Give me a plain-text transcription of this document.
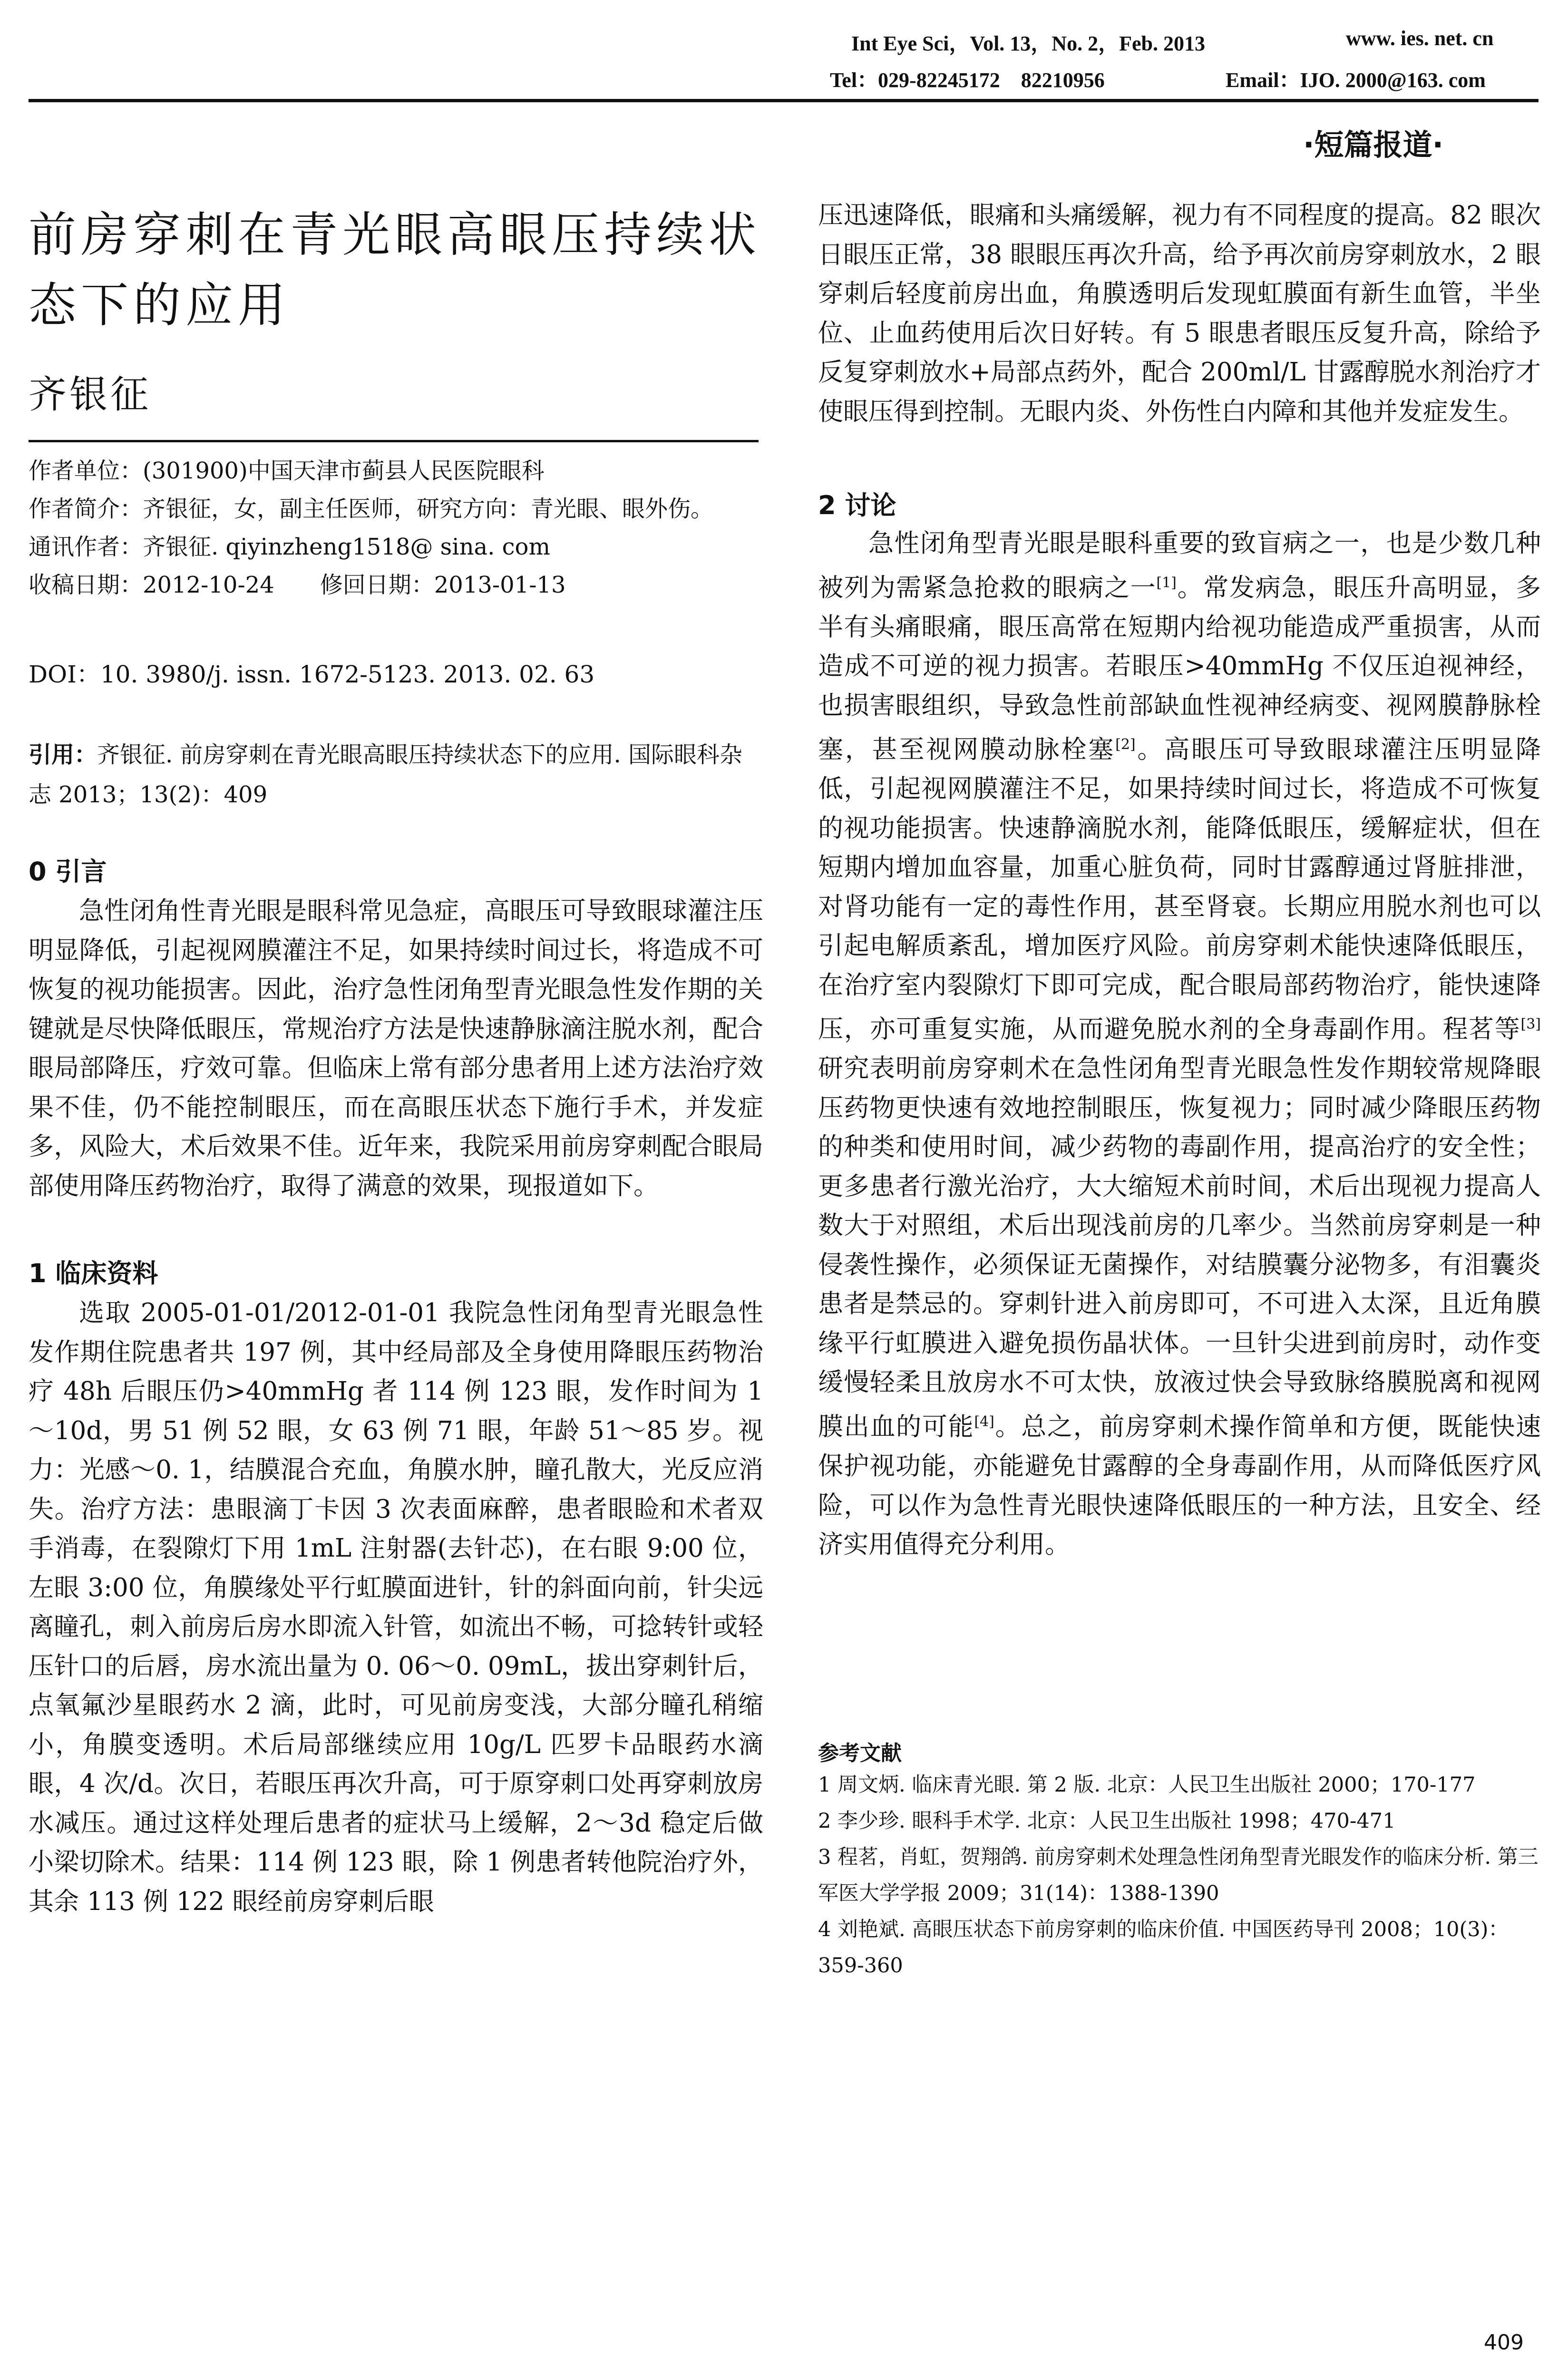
Int Eye Sci，Vol. 13，No. 2，Feb. 2013	www. ies. net. cn
Tel：029-82245172　82210956	Email：IJO. 2000@163. com
·短篇报道·
前房穿刺在青光眼高眼压持续状态下的应用
齐银征
作者单位：(301900)中国天津市蓟县人民医院眼科
作者简介：齐银征，女，副主任医师，研究方向：青光眼、眼外伤。
通讯作者：齐银征. qiyinzheng1518@ sina. com
收稿日期：2012-10-24　　修回日期：2013-01-13
DOI：10. 3980/j. issn. 1672-5123. 2013. 02. 63
引用：齐银征. 前房穿刺在青光眼高眼压持续状态下的应用. 国际眼科杂志 2013；13(2)：409
0 引言

急性闭角性青光眼是眼科常见急症，高眼压可导致眼球灌注压明显降低，引起视网膜灌注不足，如果持续时间过长，将造成不可恢复的视功能损害。因此，治疗急性闭角型青光眼急性发作期的关键就是尽快降低眼压，常规治疗方法是快速静脉滴注脱水剂，配合眼局部降压，疗效可靠。但临床上常有部分患者用上述方法治疗效果不佳，仍不能控制眼压，而在高眼压状态下施行手术，并发症多，风险大，术后效果不佳。近年来，我院采用前房穿刺配合眼局部使用降压药物治疗，取得了满意的效果，现报道如下。

1 临床资料

选取 2005-01-01/2012-01-01 我院急性闭角型青光眼急性发作期住院患者共 197 例，其中经局部及全身使用降眼压药物治疗 48h 后眼压仍>40mmHg 者 114 例 123 眼，发作时间为 1～10d，男 51 例 52 眼，女 63 例 71 眼，年龄 51～85 岁。视力：光感～0. 1，结膜混合充血，角膜水肿，瞳孔散大，光反应消失。治疗方法：患眼滴丁卡因 3 次表面麻醉，患者眼睑和术者双手消毒，在裂隙灯下用 1mL 注射器(去针芯)，在右眼 9:00 位，左眼 3:00 位，角膜缘处平行虹膜面进针，针的斜面向前，针尖远离瞳孔，刺入前房后房水即流入针管，如流出不畅，可捻转针或轻压针口的后唇，房水流出量为 0. 06～0. 09mL，拔出穿刺针后，点氧氟沙星眼药水 2 滴，此时，可见前房变浅，大部分瞳孔稍缩小，角膜变透明。术后局部继续应用 10g/L 匹罗卡品眼药水滴眼，4 次/d。次日，若眼压再次升高，可于原穿刺口处再穿刺放房水减压。通过这样处理后患者的症状马上缓解，2～3d 稳定后做小梁切除术。结果：114 例 123 眼，除 1 例患者转他院治疗外，其余 113 例 122 眼经前房穿刺后眼

压迅速降低，眼痛和头痛缓解，视力有不同程度的提高。82 眼次日眼压正常，38 眼眼压再次升高，给予再次前房穿刺放水，2 眼穿刺后轻度前房出血，角膜透明后发现虹膜面有新生血管，半坐位、止血药使用后次日好转。有 5 眼患者眼压反复升高，除给予反复穿刺放水+局部点药外，配合 200ml/L 甘露醇脱水剂治疗才使眼压得到控制。无眼内炎、外伤性白内障和其他并发症发生。

2 讨论

急性闭角型青光眼是眼科重要的致盲病之一，也是少数几种被列为需紧急抢救的眼病之一[1]。常发病急，眼压升高明显，多半有头痛眼痛，眼压高常在短期内给视功能造成严重损害，从而造成不可逆的视力损害。若眼压>40mmHg 不仅压迫视神经，也损害眼组织，导致急性前部缺血性视神经病变、视网膜静脉栓塞，甚至视网膜动脉栓塞[2]。高眼压可导致眼球灌注压明显降低，引起视网膜灌注不足，如果持续时间过长，将造成不可恢复的视功能损害。快速静滴脱水剂，能降低眼压，缓解症状，但在短期内增加血容量，加重心脏负荷，同时甘露醇通过肾脏排泄，对肾功能有一定的毒性作用，甚至肾衰。长期应用脱水剂也可以引起电解质紊乱，增加医疗风险。前房穿刺术能快速降低眼压，在治疗室内裂隙灯下即可完成，配合眼局部药物治疗，能快速降压，亦可重复实施，从而避免脱水剂的全身毒副作用。程茗等[3]研究表明前房穿刺术在急性闭角型青光眼急性发作期较常规降眼压药物更快速有效地控制眼压，恢复视力；同时减少降眼压药物的种类和使用时间，减少药物的毒副作用，提高治疗的安全性；更多患者行激光治疗，大大缩短术前时间，术后出现视力提高人数大于对照组，术后出现浅前房的几率少。当然前房穿刺是一种侵袭性操作，必须保证无菌操作，对结膜囊分泌物多，有泪囊炎患者是禁忌的。穿刺针进入前房即可，不可进入太深，且近角膜缘平行虹膜进入避免损伤晶状体。一旦针尖进到前房时，动作变缓慢轻柔且放房水不可太快，放液过快会导致脉络膜脱离和视网膜出血的可能[4]。总之，前房穿刺术操作简单和方便，既能快速保护视功能，亦能避免甘露醇的全身毒副作用，从而降低医疗风险，可以作为急性青光眼快速降低眼压的一种方法，且安全、经济实用值得充分利用。

参考文献
1 周文炳. 临床青光眼. 第 2 版. 北京：人民卫生出版社 2000；170-177
2 李少珍. 眼科手术学. 北京：人民卫生出版社 1998；470-471
3 程茗，肖虹，贺翔鸽. 前房穿刺术处理急性闭角型青光眼发作的临床分析. 第三军医大学学报 2009；31(14)：1388-1390
4 刘艳斌. 高眼压状态下前房穿刺的临床价值. 中国医药导刊 2008；10(3)：359-360
409
